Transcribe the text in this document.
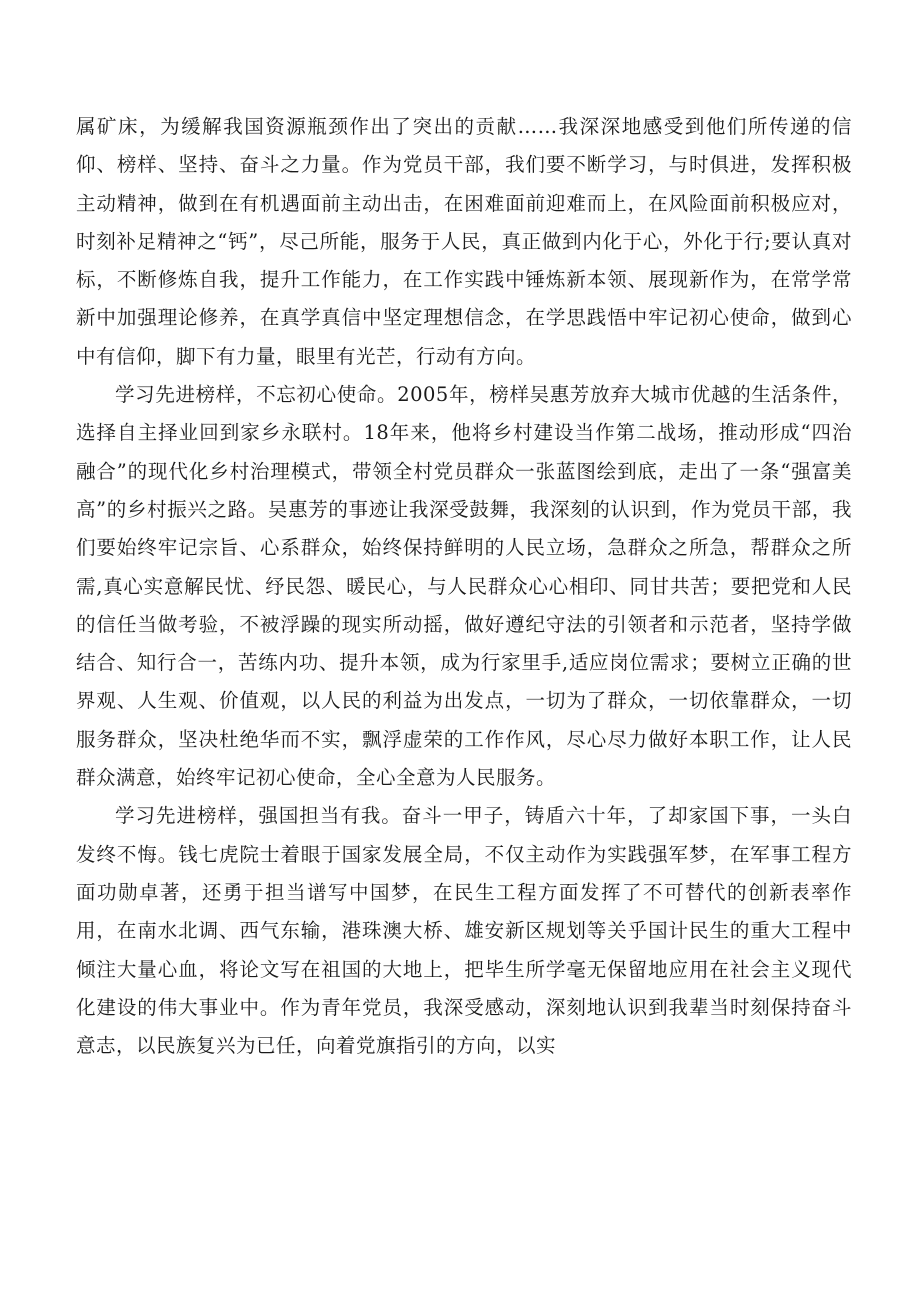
属矿床，为缓解我国资源瓶颈作出了突出的贡献……我深深地感受到他们所传递的信仰、榜样、坚持、奋斗之力量。作为党员干部，我们要不断学习，与时俱进，发挥积极主动精神，做到在有机遇面前主动出击，在困难面前迎难而上，在风险面前积极应对，时刻补足精神之“钙”，尽己所能，服务于人民，真正做到内化于心，外化于行;要认真对标，不断修炼自我，提升工作能力，在工作实践中锤炼新本领、展现新作为，在常学常新中加强理论修养，在真学真信中坚定理想信念，在学思践悟中牢记初心使命，做到心中有信仰，脚下有力量，眼里有光芒，行动有方向。

学习先进榜样，不忘初心使命。2005年，榜样吴惠芳放弃大城市优越的生活条件，选择自主择业回到家乡永联村。18年来，他将乡村建设当作第二战场，推动形成“四治融合”的现代化乡村治理模式，带领全村党员群众一张蓝图绘到底，走出了一条“强富美高”的乡村振兴之路。吴惠芳的事迹让我深受鼓舞，我深刻的认识到，作为党员干部，我们要始终牢记宗旨、心系群众，始终保持鲜明的人民立场，急群众之所急，帮群众之所需,真心实意解民忧、纾民怨、暖民心，与人民群众心心相印、同甘共苦；要把党和人民的信任当做考验，不被浮躁的现实所动摇，做好遵纪守法的引领者和示范者，坚持学做结合、知行合一，苦练内功、提升本领，成为行家里手,适应岗位需求；要树立正确的世界观、人生观、价值观，以人民的利益为出发点，一切为了群众，一切依靠群众，一切服务群众，坚决杜绝华而不实，飘浮虚荣的工作作风，尽心尽力做好本职工作，让人民群众满意，始终牢记初心使命，全心全意为人民服务。

学习先进榜样，强国担当有我。奋斗一甲子，铸盾六十年，了却家国下事，一头白发终不悔。钱七虎院士着眼于国家发展全局，不仅主动作为实践强军梦，在军事工程方面功勋卓著，还勇于担当谱写中国梦，在民生工程方面发挥了不可替代的创新表率作用，在南水北调、西气东输，港珠澳大桥、雄安新区规划等关乎国计民生的重大工程中倾注大量心血，将论文写在祖国的大地上，把毕生所学毫无保留地应用在社会主义现代化建设的伟大事业中。作为青年党员，我深受感动，深刻地认识到我辈当时刻保持奋斗意志，以民族复兴为已任，向着党旗指引的方向，以实
